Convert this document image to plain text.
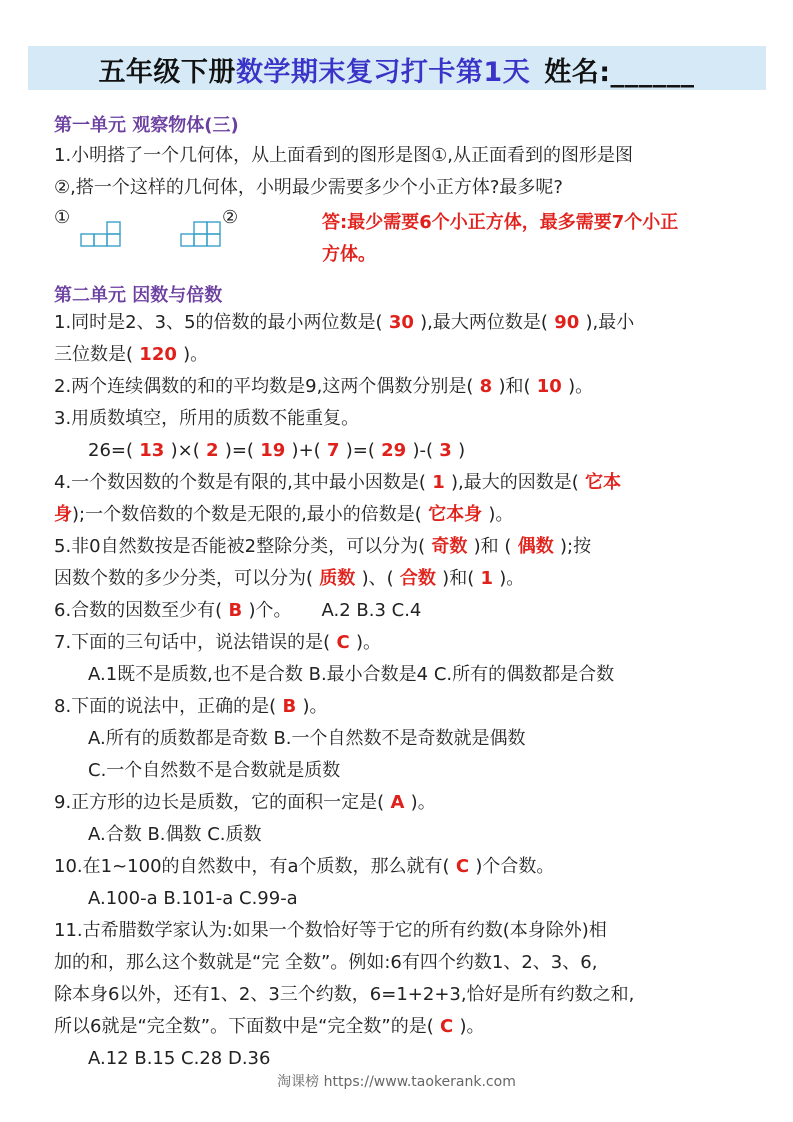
五年级下册数学期末复习打卡第1天 姓名:______
第一单元 观察物体(三)
1.小明搭了一个几何体，从上面看到的图形是图①,从正面看到的图形是图
②,搭一个这样的几何体，小明最少需要多少个小正方体?最多呢?
①	②	答:最少需要6个小正方体，最多需要7个小正
方体。
第二单元 因数与倍数
1.同时是2、3、5的倍数的最小两位数是( 30 ),最大两位数是( 90 ),最小
三位数是( 120 )。
2.两个连续偶数的和的平均数是9,这两个偶数分别是( 8 )和( 10 )。
3.用质数填空，所用的质数不能重复。
26=( 13 )×( 2 )=( 19 )+( 7 )=( 29 )-( 3 )
4.一个数因数的个数是有限的,其中最小因数是( 1 ),最大的因数是( 它本
身);一个数倍数的个数是无限的,最小的倍数是( 它本身 )。
5.非0自然数按是否能被2整除分类，可以分为( 奇数 )和 ( 偶数 );按
因数个数的多少分类，可以分为( 质数 )、( 合数 )和( 1 )。
6.合数的因数至少有( B )个。 A.2 B.3 C.4
7.下面的三句话中，说法错误的是( C )。
A.1既不是质数,也不是合数 B.最小合数是4 C.所有的偶数都是合数
8.下面的说法中，正确的是( B )。
A.所有的质数都是奇数 B.一个自然数不是奇数就是偶数
C.一个自然数不是合数就是质数
9.正方形的边长是质数，它的面积一定是( A )。
A.合数 B.偶数 C.质数
10.在1~100的自然数中，有a个质数，那么就有( C )个合数。
A.100-a B.101-a C.99-a
11.古希腊数学家认为:如果一个数恰好等于它的所有约数(本身除外)相
加的和，那么这个数就是“完 全数”。例如:6有四个约数1、2、3、6,
除本身6以外，还有1、2、3三个约数，6=1+2+3,恰好是所有约数之和,
所以6就是“完全数”。下面数中是“完全数”的是( C )。
A.12 B.15 C.28 D.36
淘课榜 https://www.taokerank.com
